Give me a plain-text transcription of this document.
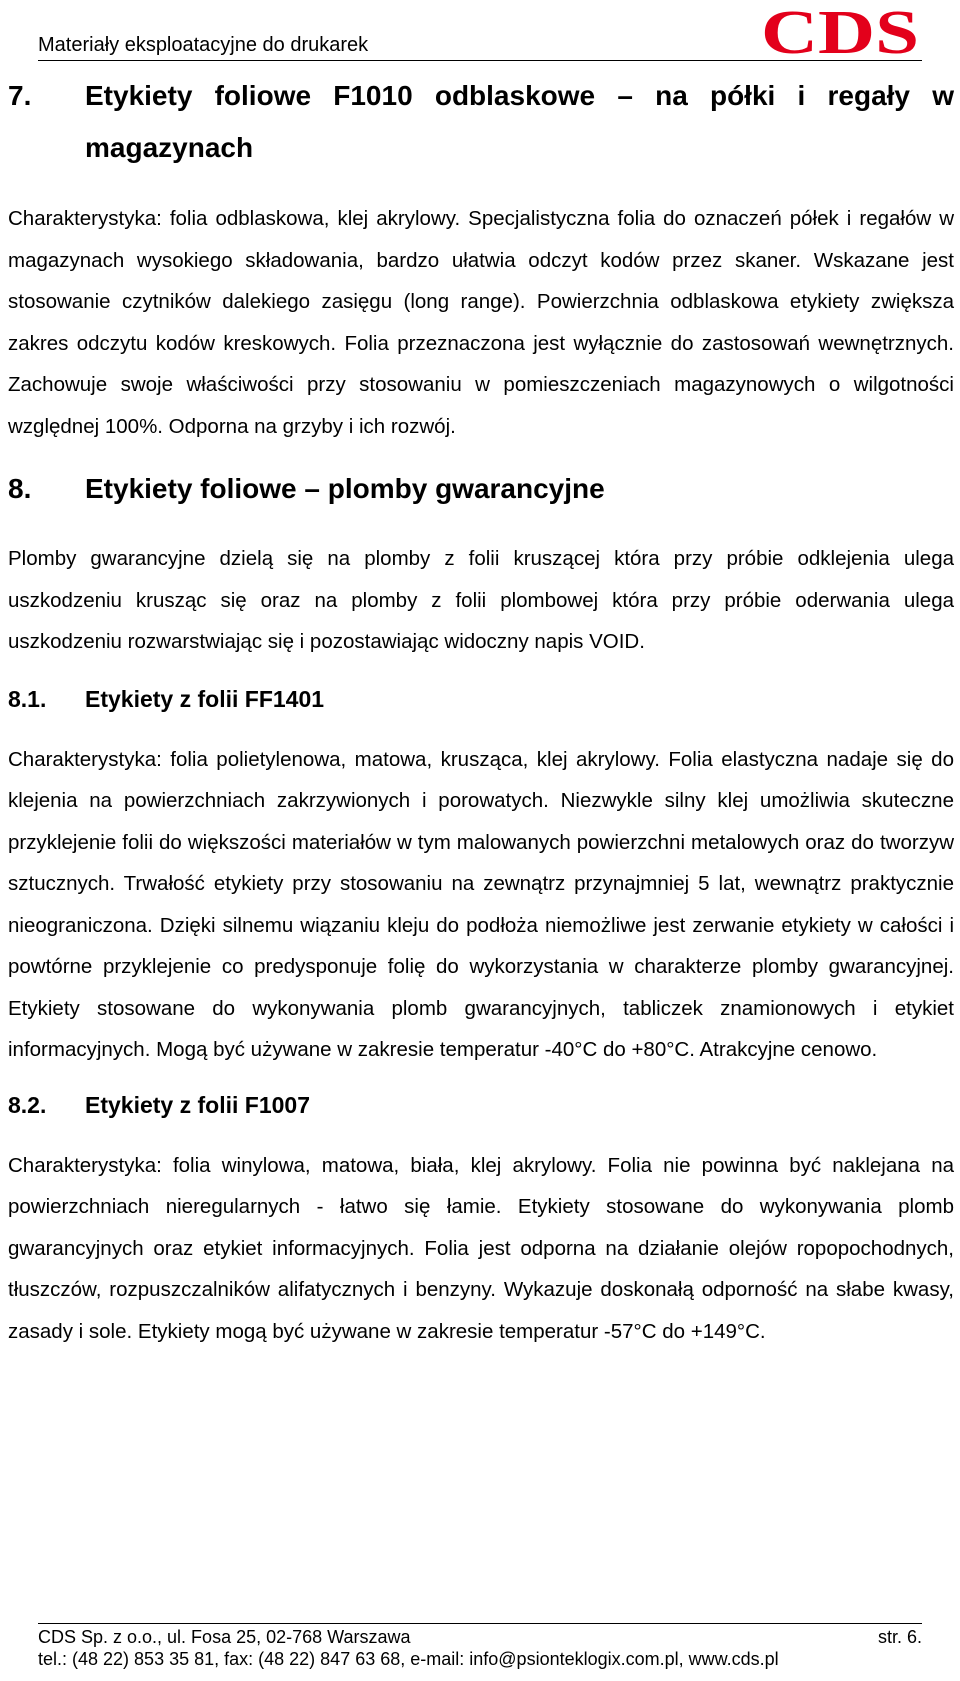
Materiały eksploatacyjne do drukarek	CDS
7. Etykiety foliowe F1010 odblaskowe – na półki i regały w magazynach

Charakterystyka: folia odblaskowa, klej akrylowy. Specjalistyczna folia do oznaczeń półek i regałów w magazynach wysokiego składowania, bardzo ułatwia odczyt kodów przez skaner. Wskazane jest stosowanie czytników dalekiego zasięgu (long range). Powierzchnia odblaskowa etykiety zwiększa zakres odczytu kodów kreskowych. Folia przeznaczona jest wyłącznie do zastosowań wewnętrznych. Zachowuje swoje właściwości przy stosowaniu w pomieszczeniach magazynowych o wilgotności względnej 100%. Odporna na grzyby i ich rozwój.

8. Etykiety foliowe – plomby gwarancyjne

Plomby gwarancyjne dzielą się na plomby z folii kruszącej która przy próbie odklejenia ulega uszkodzeniu krusząc się oraz na plomby z folii plombowej która przy próbie oderwania ulega uszkodzeniu rozwarstwiając się i pozostawiając widoczny napis VOID.

8.1. Etykiety z folii FF1401

Charakterystyka: folia polietylenowa, matowa, krusząca, klej akrylowy. Folia elastyczna nadaje się do klejenia na powierzchniach zakrzywionych i porowatych. Niezwykle silny klej umożliwia skuteczne przyklejenie folii do większości materiałów w tym malowanych powierzchni metalowych oraz do tworzyw sztucznych. Trwałość etykiety przy stosowaniu na zewnątrz przynajmniej 5 lat, wewnątrz praktycznie nieograniczona. Dzięki silnemu wiązaniu kleju do podłoża niemożliwe jest zerwanie etykiety w całości i powtórne przyklejenie co predysponuje folię do wykorzystania w charakterze plomby gwarancyjnej. Etykiety stosowane do wykonywania plomb gwarancyjnych, tabliczek znamionowych i etykiet informacyjnych. Mogą być używane w zakresie temperatur -40°C do +80°C. Atrakcyjne cenowo.

8.2. Etykiety z folii F1007

Charakterystyka: folia winylowa, matowa, biała, klej akrylowy. Folia nie powinna być naklejana na powierzchniach nieregularnych - łatwo się łamie. Etykiety stosowane do wykonywania plomb gwarancyjnych oraz etykiet informacyjnych. Folia jest odporna na działanie olejów ropopochodnych, tłuszczów, rozpuszczalników alifatycznych i benzyny. Wykazuje doskonałą odporność na słabe kwasy, zasady i sole. Etykiety mogą być używane w zakresie temperatur -57°C do +149°C.

CDS Sp. z o.o., ul. Fosa 25, 02-768 Warszawa	str. 6.
tel.: (48 22) 853 35 81, fax: (48 22) 847 63 68, e-mail: info@psionteklogix.com.pl, www.cds.pl
